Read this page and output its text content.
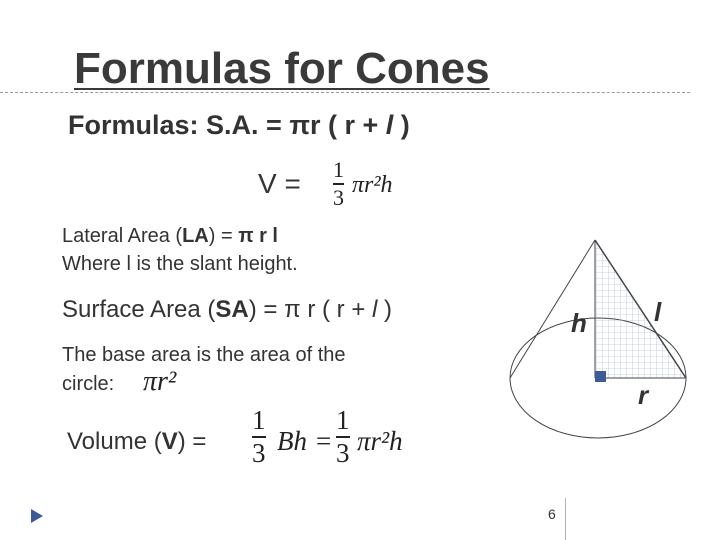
Formulas for Cones
Formulas: S.A. = πr ( r + l )
V = 1
3 πr²h
Lateral Area (LA) = π r l
Where l is the slant height.
Surface Area (SA) = π r ( r + l )
The base area is the area of the
circle: πr²
Volume (V) =
1
3 Bh =
1
3 πr²h
h	l
r
6
